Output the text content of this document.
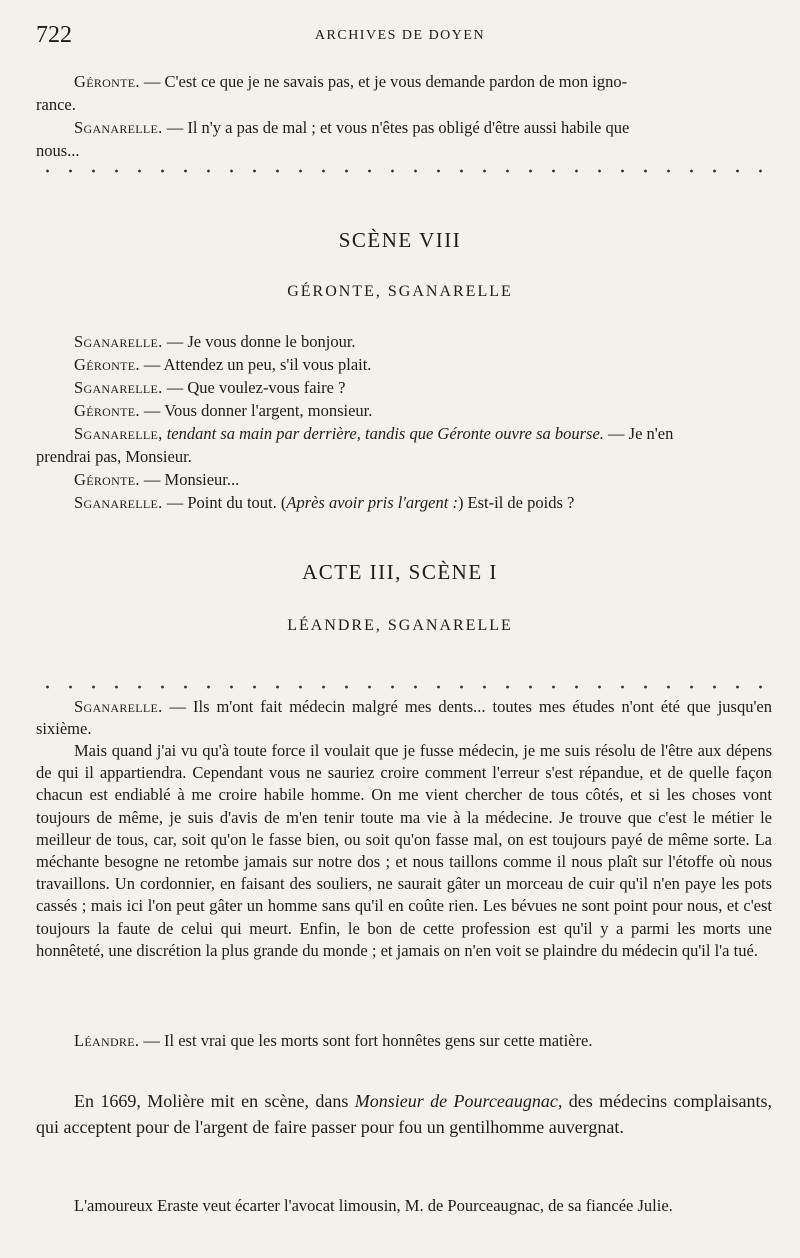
722	ARCHIVES DE DOYEN
Géronte. — C'est ce que je ne savais pas, et je vous demande pardon de mon igno-
rance.
Sganarelle. — Il n'y a pas de mal ; et vous n'êtes pas obligé d'être aussi habile que
nous...
SCÈNE VIII
GÉRONTE, SGANARELLE
Sganarelle. — Je vous donne le bonjour.
Géronte. — Attendez un peu, s'il vous plait.
Sganarelle. — Que voulez-vous faire ?
Géronte. — Vous donner l'argent, monsieur.
Sganarelle, tendant sa main par derrière, tandis que Géronte ouvre sa bourse. — Je n'en
prendrai pas, Monsieur.
Géronte. — Monsieur...
Sganarelle. — Point du tout. (Après avoir pris l'argent :) Est-il de poids ?
ACTE III, SCÈNE I
LÉANDRE, SGANARELLE
Sganarelle. — Ils m'ont fait médecin malgré mes dents... toutes mes études n'ont été que jusqu'en sixième.
Mais quand j'ai vu qu'à toute force il voulait que je fusse médecin, je me suis résolu de l'être aux dépens de qui il appartiendra. Cependant vous ne sauriez croire comment l'erreur s'est répandue, et de quelle façon chacun est endiablé à me croire habile homme. On me vient chercher de tous côtés, et si les choses vont toujours de même, je suis d'avis de m'en tenir toute ma vie à la médecine. Je trouve que c'est le métier le meilleur de tous, car, soit qu'on le fasse bien, ou soit qu'on fasse mal, on est toujours payé de même sorte. La méchante besogne ne retombe jamais sur notre dos ; et nous taillons comme il nous plaît sur l'étoffe où nous travaillons. Un cordonnier, en faisant des souliers, ne saurait gâter un morceau de cuir qu'il n'en paye les pots cassés ; mais ici l'on peut gâter un homme sans qu'il en coûte rien. Les bévues ne sont point pour nous, et c'est toujours la faute de celui qui meurt. Enfin, le bon de cette profession est qu'il y a parmi les morts une honnêteté, une discrétion la plus grande du monde ; et jamais on n'en voit se plaindre du médecin qu'il l'a tué.
Léandre. — Il est vrai que les morts sont fort honnêtes gens sur cette matière.
En 1669, Molière mit en scène, dans Monsieur de Pourceaugnac, des médecins complaisants, qui acceptent pour de l'argent de faire passer pour fou un gentilhomme auvergnat.
L'amoureux Eraste veut écarter l'avocat limousin, M. de Pourceaugnac, de sa fiancée Julie.
